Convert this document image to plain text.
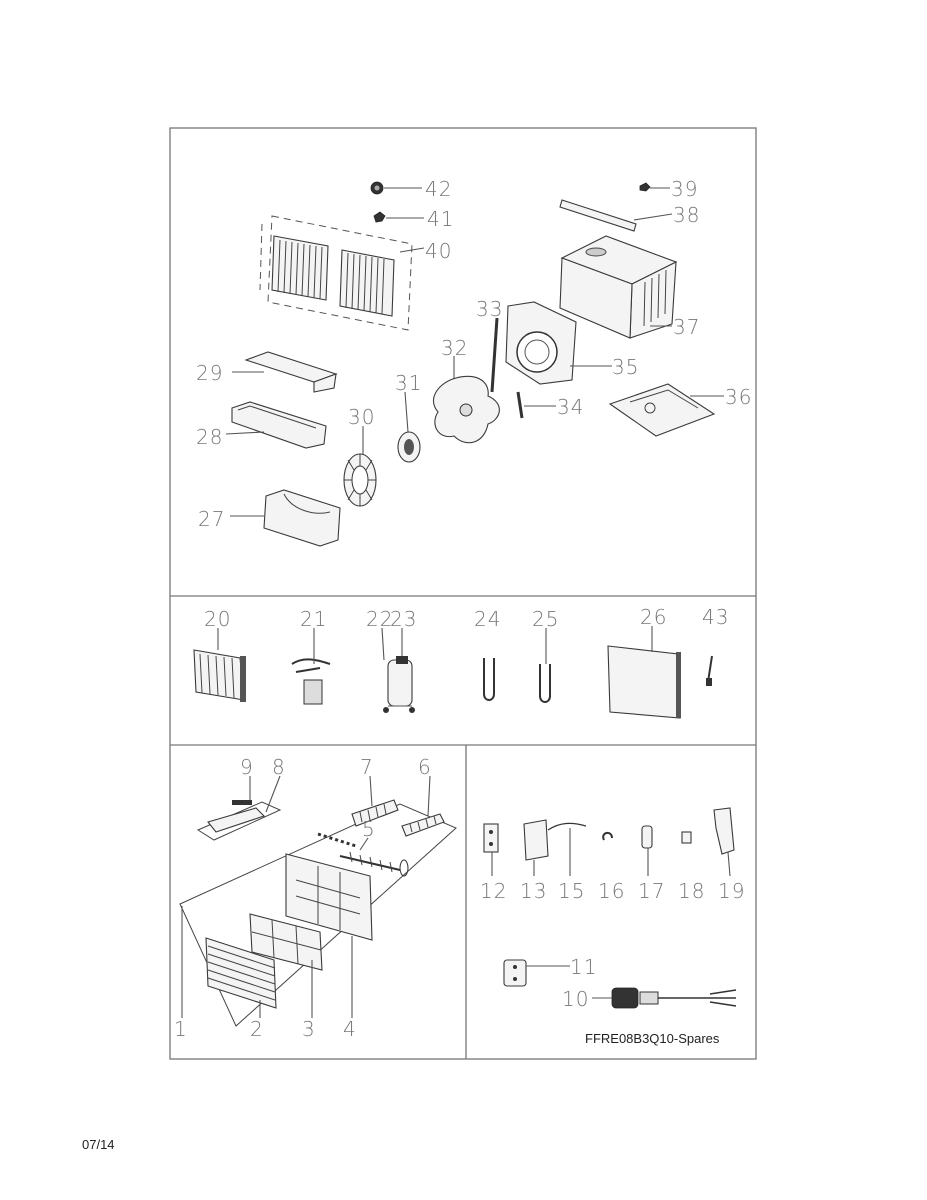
42
41
40
39
38
37
35
33
34	36
32
31
30
29
28
27
20	21 22
23	24 25	26 43
9 8	7 6
5
4
3
2
1
12 13 15 16 17 18 19
11
10
FFRE08B3Q10-Spares
07/14
